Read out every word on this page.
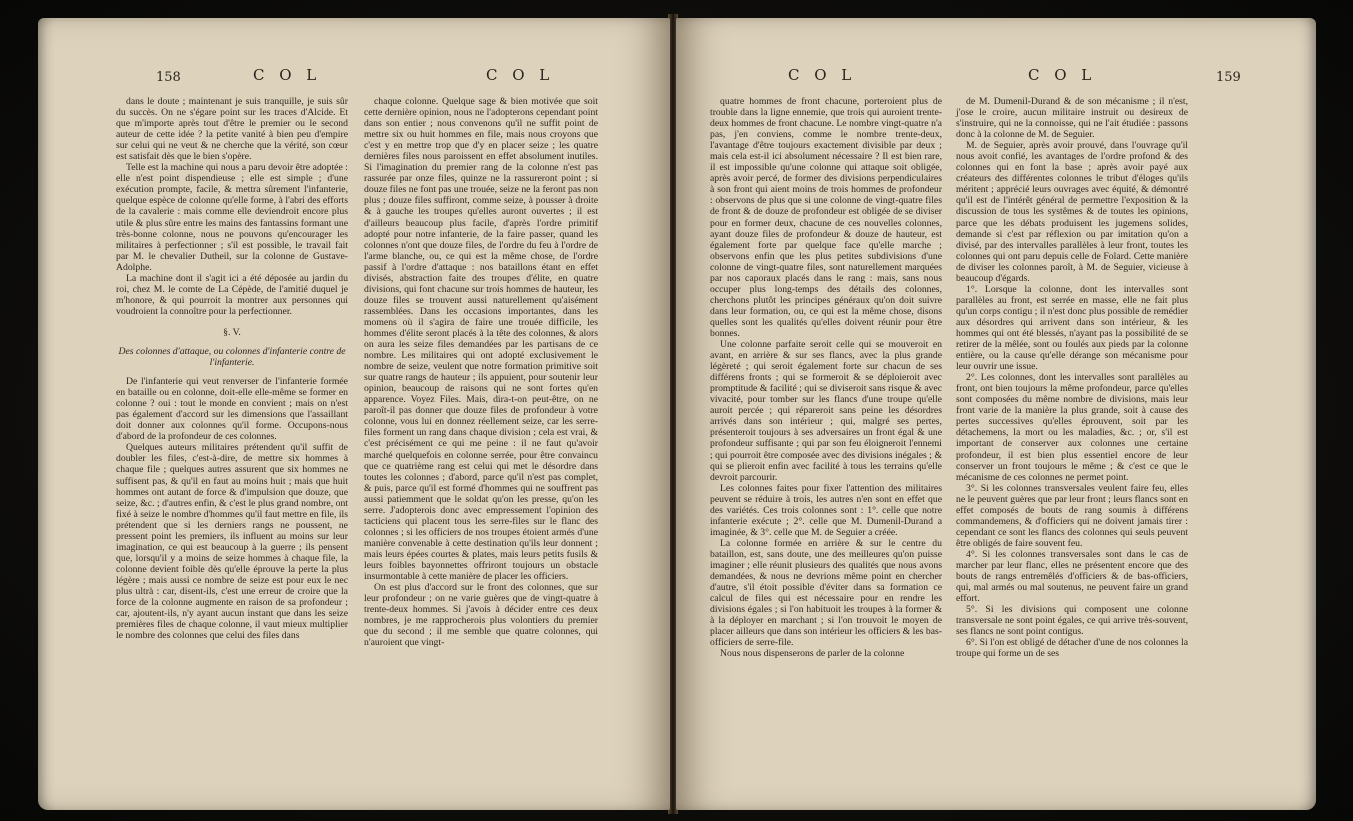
158	C O L	C O L

dans le doute ; maintenant je suis tranquille, je suis sûr du succès. On ne s'égare point sur les traces d'Alcide. Et que m'importe après tout d'être le premier ou le second auteur de cette idée ? la petite vanité à bien peu d'empire sur celui qui ne veut & ne cherche que la vérité, son cœur est satisfait dès que le bien s'opère.

Telle est la machine qui nous a paru devoir être adoptée : elle n'est point dispendieuse ; elle est simple ; d'une exécution prompte, facile, & mettra sûrement l'infanterie, quelque espèce de colonne qu'elle forme, à l'abri des efforts de la cavalerie : mais comme elle deviendroit encore plus utile & plus sûre entre les mains des fantassins formant une très-bonne colonne, nous ne pouvons qu'encourager les militaires à perfectionner ; s'il est possible, le travail fait par M. le chevalier Dutheil, sur la colonne de Gustave-Adolphe.

La machine dont il s'agit ici a été déposée au jardin du roi, chez M. le comte de La Cépède, de l'amitié duquel je m'honore, & qui pourroit la montrer aux personnes qui voudroient la connoître pour la perfectionner.

§. V.

Des colonnes d'attaque, ou colonnes d'infanterie contre de l'infanterie.

De l'infanterie qui veut renverser de l'infanterie formée en bataille ou en colonne, doit-elle elle-même se former en colonne ? oui : tout le monde en convient ; mais on n'est pas également d'accord sur les dimensions que l'assaillant doit donner aux colonnes qu'il forme. Occupons-nous d'abord de la profondeur de ces colonnes.

Quelques auteurs militaires prétendent qu'il suffit de doubler les files, c'est-à-dire, de mettre six hommes à chaque file ; quelques autres assurent que six hommes ne suffisent pas, & qu'il en faut au moins huit ; mais que huit hommes ont autant de force & d'impulsion que douze, que seize, &c. ; d'autres enfin, & c'est le plus grand nombre, ont fixé à seize le nombre d'hommes qu'il faut mettre en file, ils prétendent que si les derniers rangs ne poussent, ne pressent point les premiers, ils influent au moins sur leur imagination, ce qui est beaucoup à la guerre ; ils pensent que, lorsqu'il y a moins de seize hommes à chaque file, la colonne devient foible dès qu'elle éprouve la perte la plus légère ; mais aussi ce nombre de seize est pour eux le nec plus ultrà : car, disent-ils, c'est une erreur de croire que la force de la colonne augmente en raison de sa profondeur ; car, ajoutent-ils, n'y ayant aucun instant que dans les seize premières files de chaque colonne, il vaut mieux multiplier le nombre des colonnes que celui des files dans

chaque colonne. Quelque sage & bien motivée que soit cette dernière opinion, nous ne l'adopterons cependant point dans son entier ; nous convenons qu'il ne suffit point de mettre six ou huit hommes en file, mais nous croyons que c'est y en mettre trop que d'y en placer seize ; les quatre dernières files nous paroissent en effet absolument inutiles. Si l'imagination du premier rang de la colonne n'est pas rassurée par onze files, quinze ne la rassureront point ; si douze files ne font pas une trouée, seize ne la feront pas non plus ; douze files suffiront, comme seize, à pousser à droite & à gauche les troupes qu'elles auront ouvertes ; il est d'ailleurs beaucoup plus facile, d'après l'ordre primitif adopté pour notre infanterie, de la faire passer, quand les colonnes n'ont que douze files, de l'ordre du feu à l'ordre de l'arme blanche, ou, ce qui est la même chose, de l'ordre passif à l'ordre d'attaque : nos bataillons étant en effet divisés, abstraction faite des troupes d'élite, en quatre divisions, qui font chacune sur trois hommes de hauteur, les douze files se trouvent aussi naturellement qu'aisément rassemblées. Dans les occasions importantes, dans les momens où il s'agira de faire une trouée difficile, les hommes d'élite seront placés à la tête des colonnes, & alors on aura les seize files demandées par les partisans de ce nombre. Les militaires qui ont adopté exclusivement le nombre de seize, veulent que notre formation primitive soit sur quatre rangs de hauteur ; ils appuient, pour soutenir leur opinion, beaucoup de raisons qui ne sont fortes qu'en apparence. Voyez Files. Mais, dira-t-on peut-être, on ne paroît-il pas donner que douze files de profondeur à votre colonne, vous lui en donnez réellement seize, car les serre-files forment un rang dans chaque division ; cela est vrai, & c'est précisément ce qui me peine : il ne faut qu'avoir marché quelquefois en colonne serrée, pour être convaincu que ce quatrième rang est celui qui met le désordre dans toutes les colonnes ; d'abord, parce qu'il n'est pas complet, & puis, parce qu'il est formé d'hommes qui ne souffrent pas aussi patiemment que le soldat qu'on les presse, qu'on les serre. J'adopterois donc avec empressement l'opinion des tacticiens qui placent tous les serre-files sur le flanc des colonnes ; si les officiers de nos troupes étoient armés d'une manière convenable à cette destination qu'ils leur donnent ; mais leurs épées courtes & plates, mais leurs petits fusils & leurs foibles bayonnettes offriront toujours un obstacle insurmontable à cette manière de placer les officiers.

On est plus d'accord sur le front des colonnes, que sur leur profondeur ; on ne varie guères que de vingt-quatre à trente-deux hommes. Si j'avois à décider entre ces deux nombres, je me rapprocherois plus volontiers du premier que du second ; il me semble que quatre colonnes, qui n'auroient que vingt-

C O L	C O L	159

quatre hommes de front chacune, porteroient plus de trouble dans la ligne ennemie, que trois qui auroient trente-deux hommes de front chacune. Le nombre vingt-quatre n'a pas, j'en conviens, comme le nombre trente-deux, l'avantage d'être toujours exactement divisible par deux ; mais cela est-il ici absolument nécessaire ? Il est bien rare, il est impossible qu'une colonne qui attaque soit obligée, après avoir percé, de former des divisions perpendiculaires à son front qui aient moins de trois hommes de profondeur : observons de plus que si une colonne de vingt-quatre files de front & de douze de profondeur est obligée de se diviser pour en former deux, chacune de ces nouvelles colonnes, ayant douze files de profondeur & douze de hauteur, est également forte par quelque face qu'elle marche ; observons enfin que les plus petites subdivisions d'une colonne de vingt-quatre files, sont naturellement marquées par nos caporaux placés dans le rang : mais, sans nous occuper plus long-temps des détails des colonnes, cherchons plutôt les principes généraux qu'on doit suivre dans leur formation, ou, ce qui est la même chose, disons quelles sont les qualités qu'elles doivent réunir pour être bonnes.

Une colonne parfaite seroit celle qui se mouveroit en avant, en arrière & sur ses flancs, avec la plus grande légèreté ; qui seroit également forte sur chacun de ses différens fronts ; qui se formeroit & se déploieroit avec promptitude & facilité ; qui se diviseroit sans risque & avec vivacité, pour tomber sur les flancs d'une troupe qu'elle auroit percée ; qui répareroit sans peine les désordres arrivés dans son intérieur ; qui, malgré ses pertes, présenteroit toujours à ses adversaires un front égal & une profondeur suffisante ; qui par son feu éloigneroit l'ennemi ; qui pourroit être composée avec des divisions inégales ; & qui se plieroit enfin avec facilité à tous les terrains qu'elle devroit parcourir.

Les colonnes faites pour fixer l'attention des militaires peuvent se réduire à trois, les autres n'en sont en effet que des variétés. Ces trois colonnes sont : 1°. celle que notre infanterie exécute ; 2°. celle que M. Dumenil-Durand a imaginée, & 3°. celle que M. de Seguier a créée.

La colonne formée en arrière & sur le centre du bataillon, est, sans doute, une des meilleures qu'on puisse imaginer ; elle réunit plusieurs des qualités que nous avons demandées, & nous ne devrions même point en chercher d'autre, s'il étoit possible d'éviter dans sa formation ce calcul de files qui est nécessaire pour en rendre les divisions égales ; si l'on habituoit les troupes à la former & à la déployer en marchant ; si l'on trouvoit le moyen de placer ailleurs que dans son intérieur les officiers & les bas-officiers de serre-file.

Nous nous dispenserons de parler de la colonne

de M. Dumenil-Durand & de son mécanisme ; il n'est, j'ose le croire, aucun militaire instruit ou desireux de s'instruire, qui ne la connoisse, qui ne l'ait étudiée : passons donc à la colonne de M. de Seguier.

M. de Seguier, après avoir prouvé, dans l'ouvrage qu'il nous avoit confié, les avantages de l'ordre profond & des colonnes qui en font la base ; après avoir payé aux créateurs des différentes colonnes le tribut d'éloges qu'ils méritent ; apprécié leurs ouvrages avec équité, & démontré qu'il est de l'intérêt général de permettre l'exposition & la discussion de tous les systêmes & de toutes les opinions, parce que les débats produisent les jugemens solides, demande si c'est par réflexion ou par imitation qu'on a divisé, par des intervalles parallèles à leur front, toutes les colonnes qui ont paru depuis celle de Folard. Cette manière de diviser les colonnes paroît, à M. de Seguier, vicieuse à beaucoup d'égards.

1°. Lorsque la colonne, dont les intervalles sont parallèles au front, est serrée en masse, elle ne fait plus qu'un corps contigu ; il n'est donc plus possible de remédier aux désordres qui arrivent dans son intérieur, & les hommes qui ont été blessés, n'ayant pas la possibilité de se retirer de la mêlée, sont ou foulés aux pieds par la colonne entière, ou la cause qu'elle dérange son mécanisme pour leur ouvrir une issue.

2°. Les colonnes, dont les intervalles sont parallèles au front, ont bien toujours la même profondeur, parce qu'elles sont composées du même nombre de divisions, mais leur front varie de la manière la plus grande, soit à cause des pertes successives qu'elles éprouvent, soit par les détachemens, la mort ou les maladies, &c. ; or, s'il est important de conserver aux colonnes une certaine profondeur, il est bien plus essentiel encore de leur conserver un front toujours le même ; & c'est ce que le mécanisme de ces colonnes ne permet point.

3°. Si les colonnes transversales veulent faire feu, elles ne le peuvent guères que par leur front ; leurs flancs sont en effet composés de bouts de rang soumis à différens commandemens, & d'officiers qui ne doivent jamais tirer : cependant ce sont les flancs des colonnes qui seuls peuvent être obligés de faire souvent feu.

4°. Si les colonnes transversales sont dans le cas de marcher par leur flanc, elles ne présentent encore que des bouts de rangs entremêlés d'officiers & de bas-officiers, qui, mal armés ou mal soutenus, ne peuvent faire un grand effort.

5°. Si les divisions qui composent une colonne transversale ne sont point égales, ce qui arrive très-souvent, ses flancs ne sont point contigus.

6°. Si l'on est obligé de détacher d'une de nos colonnes la troupe qui forme un de ses
